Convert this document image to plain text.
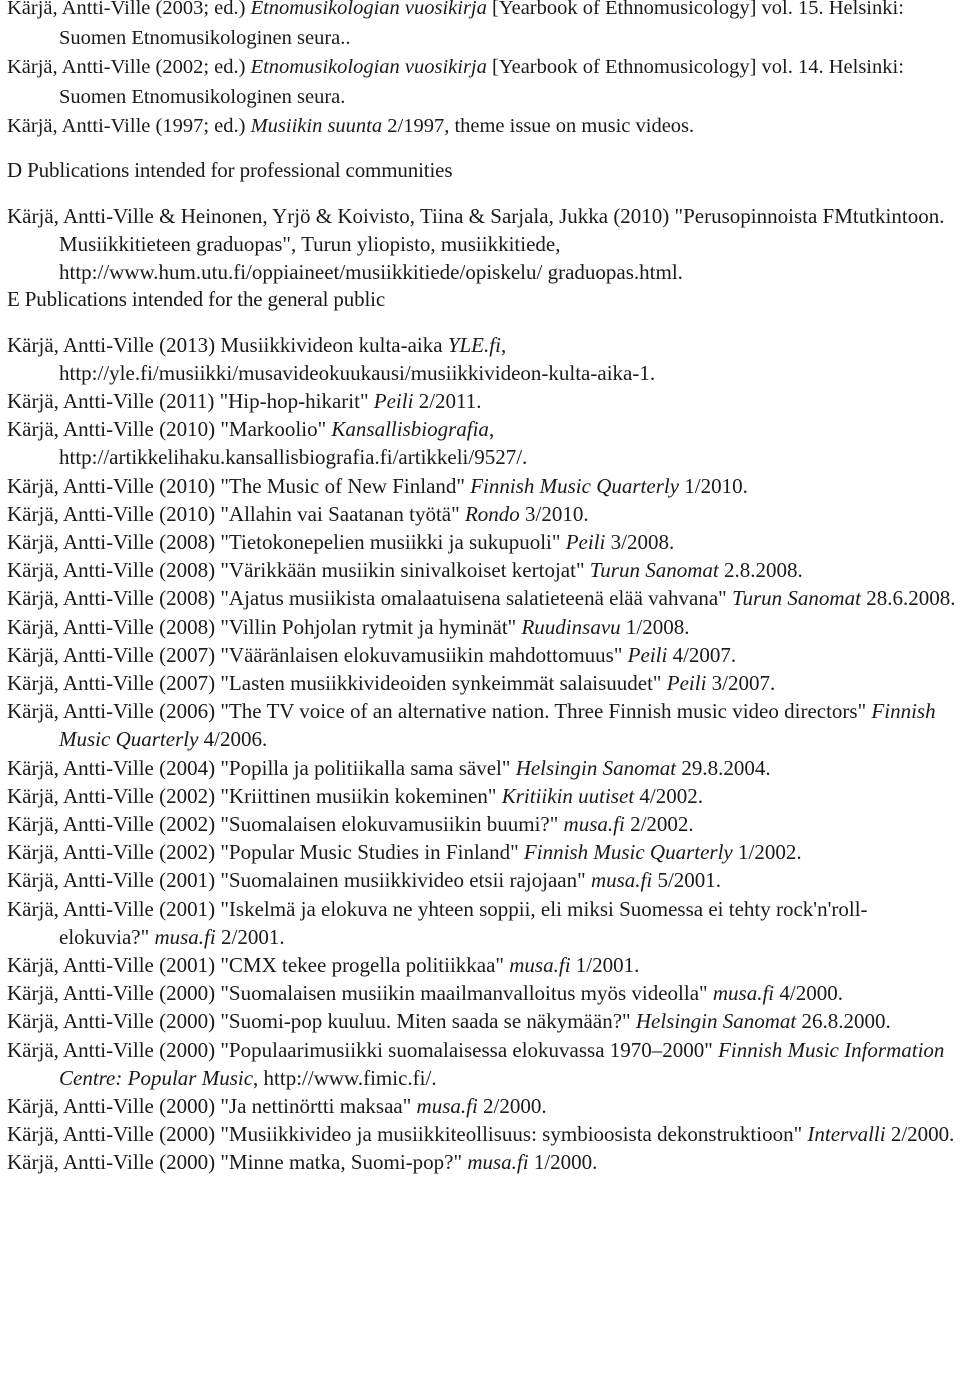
Kärjä, Antti-Ville (2003; ed.) Etnomusikologian vuosikirja [Yearbook of Ethnomusicology] vol. 15. Helsinki: Suomen Etnomusikologinen seura..
Kärjä, Antti-Ville (2002; ed.) Etnomusikologian vuosikirja [Yearbook of Ethnomusicology] vol. 14. Helsinki: Suomen Etnomusikologinen seura.
Kärjä, Antti-Ville (1997; ed.) Musiikin suunta 2/1997, theme issue on music videos.
D Publications intended for professional communities
Kärjä, Antti-Ville & Heinonen, Yrjö & Koivisto, Tiina & Sarjala, Jukka (2010) "Perusopinnoista FMtutkintoon. Musiikkitieteen graduopas", Turun yliopisto, musiikkitiede, http://www.hum.utu.fi/oppiaineet/musiikkitiede/opiskelu/ graduopas.html.
E Publications intended for the general public
Kärjä, Antti-Ville (2013) Musiikkivideon kulta-aika YLE.fi, http://yle.fi/musiikki/musavideokuukausi/musiikkivideon-kulta-aika-1.
Kärjä, Antti-Ville (2011) "Hip-hop-hikarit" Peili 2/2011.
Kärjä, Antti-Ville (2010) "Markoolio" Kansallisbiografia, http://artikkelihaku.kansallisbiografia.fi/artikkeli/9527/.
Kärjä, Antti-Ville (2010) "The Music of New Finland" Finnish Music Quarterly 1/2010.
Kärjä, Antti-Ville (2010) "Allahin vai Saatanan työtä" Rondo 3/2010.
Kärjä, Antti-Ville (2008) "Tietokonepelien musiikki ja sukupuoli" Peili 3/2008.
Kärjä, Antti-Ville (2008) "Värikkään musiikin sinivalkoiset kertojat" Turun Sanomat 2.8.2008.
Kärjä, Antti-Ville (2008) "Ajatus musiikista omalaatuisena salatieteenä elää vahvana" Turun Sanomat 28.6.2008.
Kärjä, Antti-Ville (2008) "Villin Pohjolan rytmit ja hyminät" Ruudinsavu 1/2008.
Kärjä, Antti-Ville (2007) "Vääränlaisen elokuvamusiikin mahdottomuus" Peili 4/2007.
Kärjä, Antti-Ville (2007) "Lasten musiikkivideoiden synkeimmät salaisuudet" Peili 3/2007.
Kärjä, Antti-Ville (2006) "The TV voice of an alternative nation. Three Finnish music video directors" Finnish Music Quarterly 4/2006.
Kärjä, Antti-Ville (2004) "Popilla ja politiikalla sama sävel" Helsingin Sanomat 29.8.2004.
Kärjä, Antti-Ville (2002) "Kriittinen musiikin kokeminen" Kritiikin uutiset 4/2002.
Kärjä, Antti-Ville (2002) "Suomalaisen elokuvamusiikin buumi?" musa.fi 2/2002.
Kärjä, Antti-Ville (2002) "Popular Music Studies in Finland" Finnish Music Quarterly 1/2002.
Kärjä, Antti-Ville (2001) "Suomalainen musiikkivideo etsii rajojaan" musa.fi 5/2001.
Kärjä, Antti-Ville (2001) "Iskelmä ja elokuva ne yhteen soppii, eli miksi Suomessa ei tehty rock'n'roll-elokuvia?" musa.fi 2/2001.
Kärjä, Antti-Ville (2001) "CMX tekee progella politiikkaa" musa.fi 1/2001.
Kärjä, Antti-Ville (2000) "Suomalaisen musiikin maailmanvalloitus myös videolla" musa.fi 4/2000.
Kärjä, Antti-Ville (2000) "Suomi-pop kuuluu. Miten saada se näkymään?" Helsingin Sanomat 26.8.2000.
Kärjä, Antti-Ville (2000) "Populaarimusiikki suomalaisessa elokuvassa 1970–2000" Finnish Music Information Centre: Popular Music, http://www.fimic.fi/.
Kärjä, Antti-Ville (2000) "Ja nettinörtti maksaa" musa.fi 2/2000.
Kärjä, Antti-Ville (2000) "Musiikkivideo ja musiikkiteollisuus: symbioosista dekonstruktioon" Intervalli 2/2000.
Kärjä, Antti-Ville (2000) "Minne matka, Suomi-pop?" musa.fi 1/2000.
